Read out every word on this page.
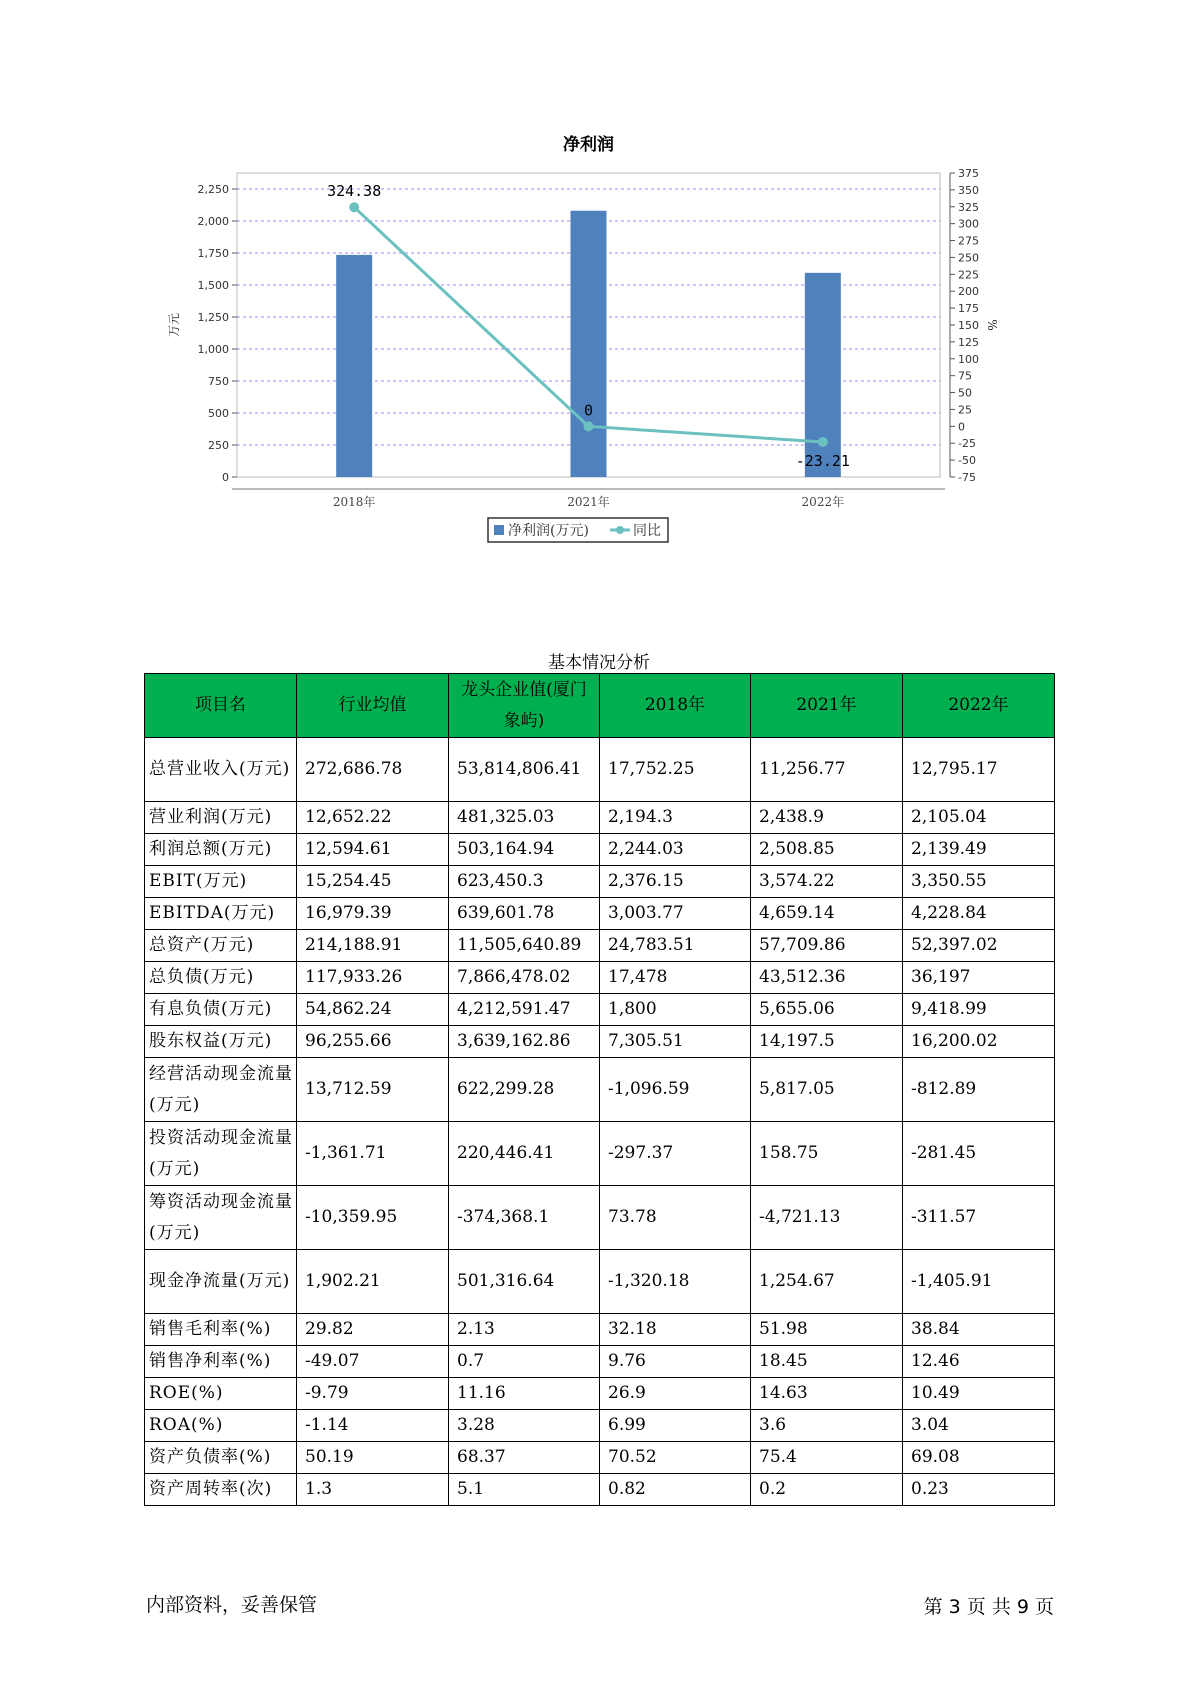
净利润
0
250
500
750
1,000
1,250
1,500
1,750
2,000
2,250
-75
-50
-25
0
25
50
75
100
125
150
175
200
225
250
275
300
325
350
375
万元	%
2018年	2021年	2022年
324.38
0
-23.21
净利润(万元)	同比
基本情况分析
项目名	行业均值	龙头企业值(厦门象屿)	2018年	2021年	2022年
总营业收入(万元)	272,686.78	53,814,806.41	17,752.25	11,256.77	12,795.17
营业利润(万元)	12,652.22	481,325.03	2,194.3	2,438.9	2,105.04
利润总额(万元)	12,594.61	503,164.94	2,244.03	2,508.85	2,139.49
EBIT(万元)	15,254.45	623,450.3	2,376.15	3,574.22	3,350.55
EBITDA(万元)	16,979.39	639,601.78	3,003.77	4,659.14	4,228.84
总资产(万元)	214,188.91	11,505,640.89	24,783.51	57,709.86	52,397.02
总负债(万元)	117,933.26	7,866,478.02	17,478	43,512.36	36,197
有息负债(万元)	54,862.24	4,212,591.47	1,800	5,655.06	9,418.99
股东权益(万元)	96,255.66	3,639,162.86	7,305.51	14,197.5	16,200.02
经营活动现金流量(万元)	13,712.59	622,299.28	-1,096.59	5,817.05	-812.89
投资活动现金流量(万元)	-1,361.71	220,446.41	-297.37	158.75	-281.45
筹资活动现金流量(万元)	-10,359.95	-374,368.1	73.78	-4,721.13	-311.57
现金净流量(万元)	1,902.21	501,316.64	-1,320.18	1,254.67	-1,405.91
销售毛利率(%)	29.82	2.13	32.18	51.98	38.84
销售净利率(%)	-49.07	0.7	9.76	18.45	12.46
ROE(%)	-9.79	11.16	26.9	14.63	10.49
ROA(%)	-1.14	3.28	6.99	3.6	3.04
资产负债率(%)	50.19	68.37	70.52	75.4	69.08
资产周转率(次)	1.3	5.1	0.82	0.2	0.23
内部资料，妥善保管	第 3 页 共 9 页
